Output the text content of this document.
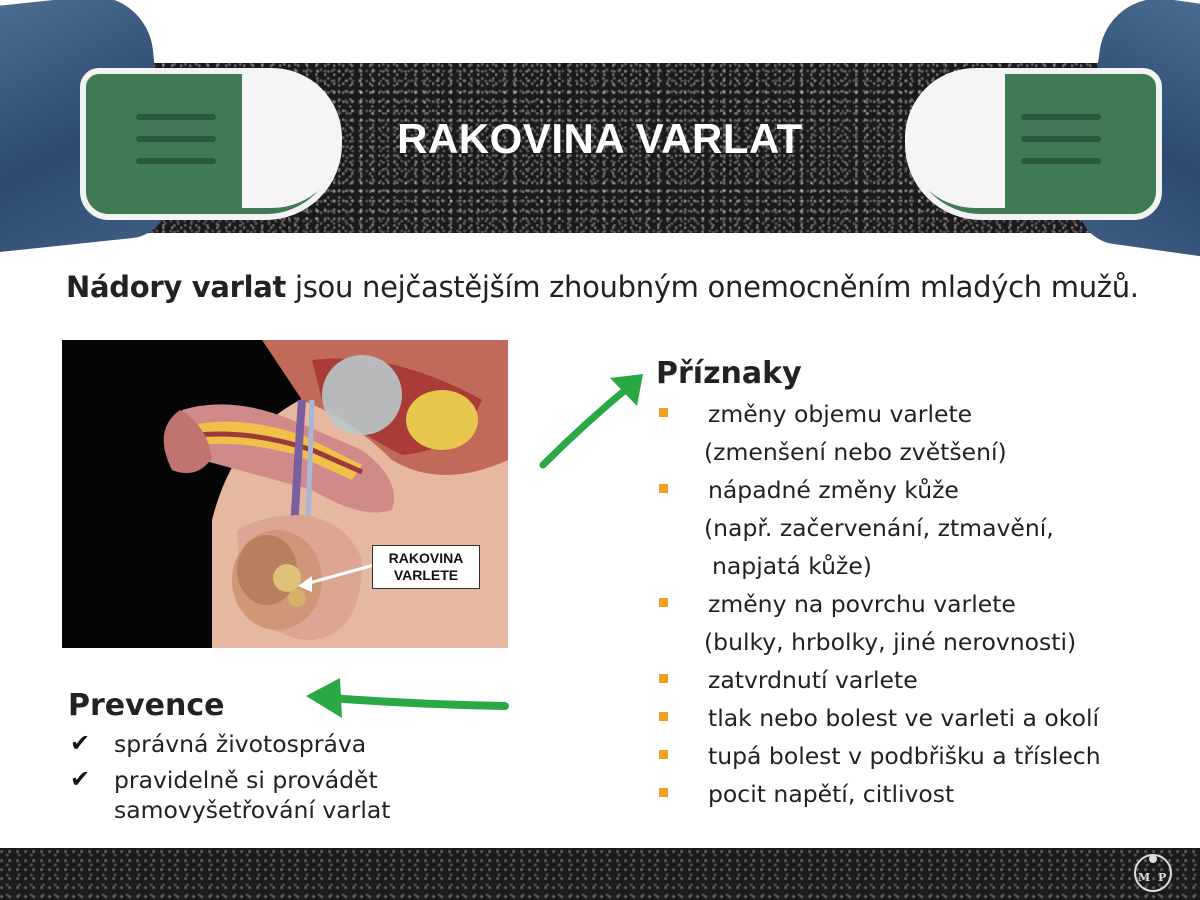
RAKOVINA VARLAT
Nádory varlat jsou nejčastějším zhoubným onemocněním mladých mužů.
RAKOVINA
VARLETE
Příznaky
změny objemu varlete
(zmenšení nebo zvětšení)
nápadné změny kůže
(např. začervenání, ztmavění,
napjatá kůže)
změny na povrchu varlete
(bulky, hrbolky, jiné nerovnosti)
zatvrdnutí varlete
tlak nebo bolest ve varleti a okolí
tupá bolest v podbřišku a tříslech
pocit napětí, citlivost
Prevence
✔ správná životospráva
✔ pravidelně si provádět
samovyšetřování varlat
M P
